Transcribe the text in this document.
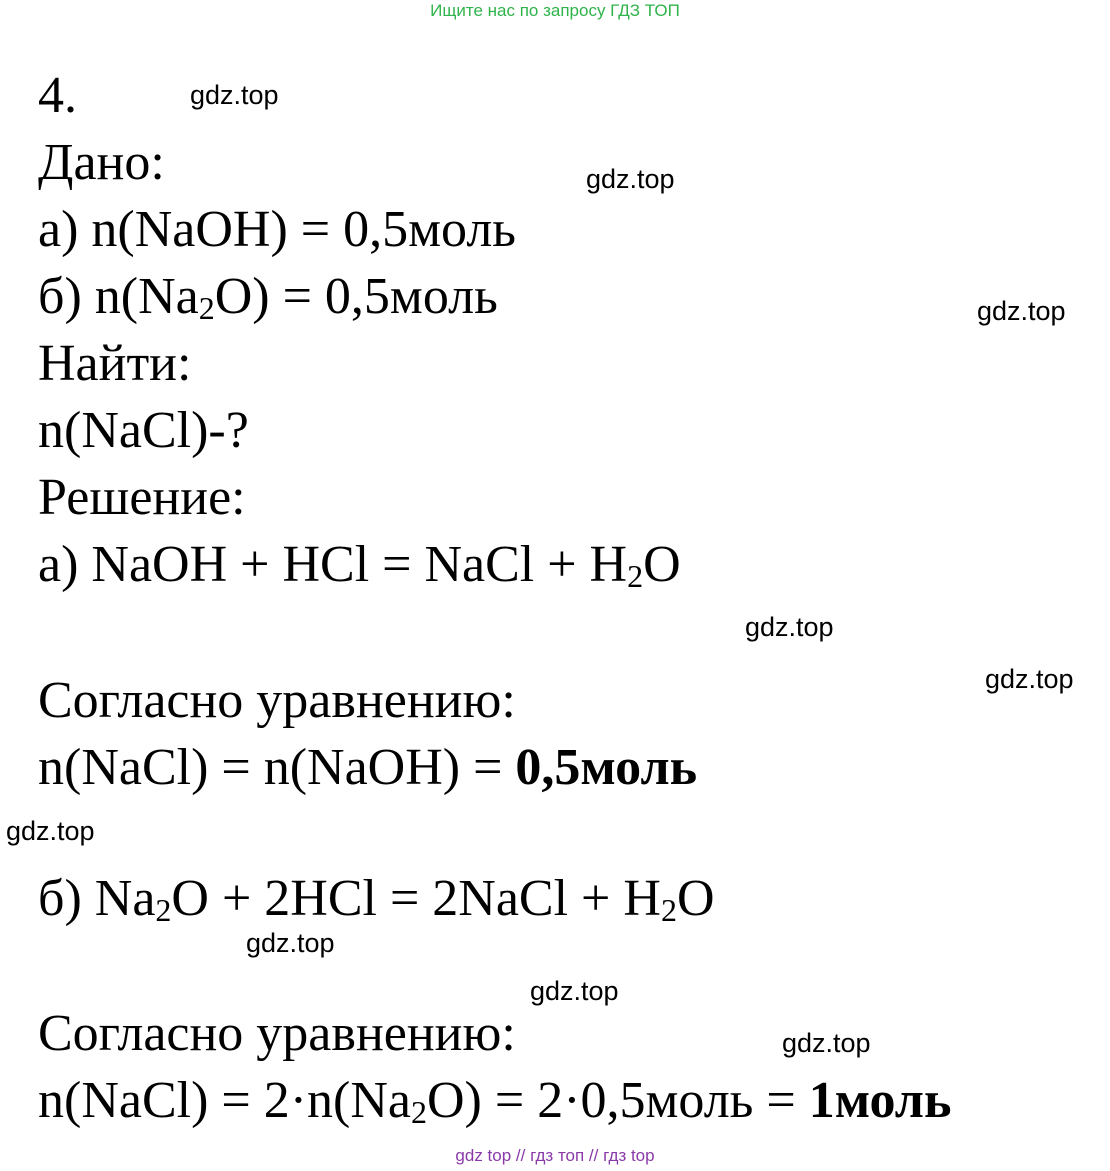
Ищите нас по запросу ГДЗ ТОП
4.
Дано:
а) n(NaOH) = 0,5моль
б) $n(Na_2O)$ = 0,5моль
Найти:
n(NaCl)-?
Решение:
а) NaOH + HCl = NaCl + $H_2O$
Согласно уравнению:
n(NaCl) = n(NaOH) = 0,5моль
б) $Na_2O + 2HCl$ = 2NaCl + $H_2O$
Согласно уравнению:
n(NaCl) = $2\cdot n(Na_2O)$ = 2·0,5моль = 1моль
gdz.top
gdz.top
gdz.top
gdz.top
gdz.top
gdz.top
gdz.top
gdz.top
gdz.top
gdz top // гдз топ // гдз top
